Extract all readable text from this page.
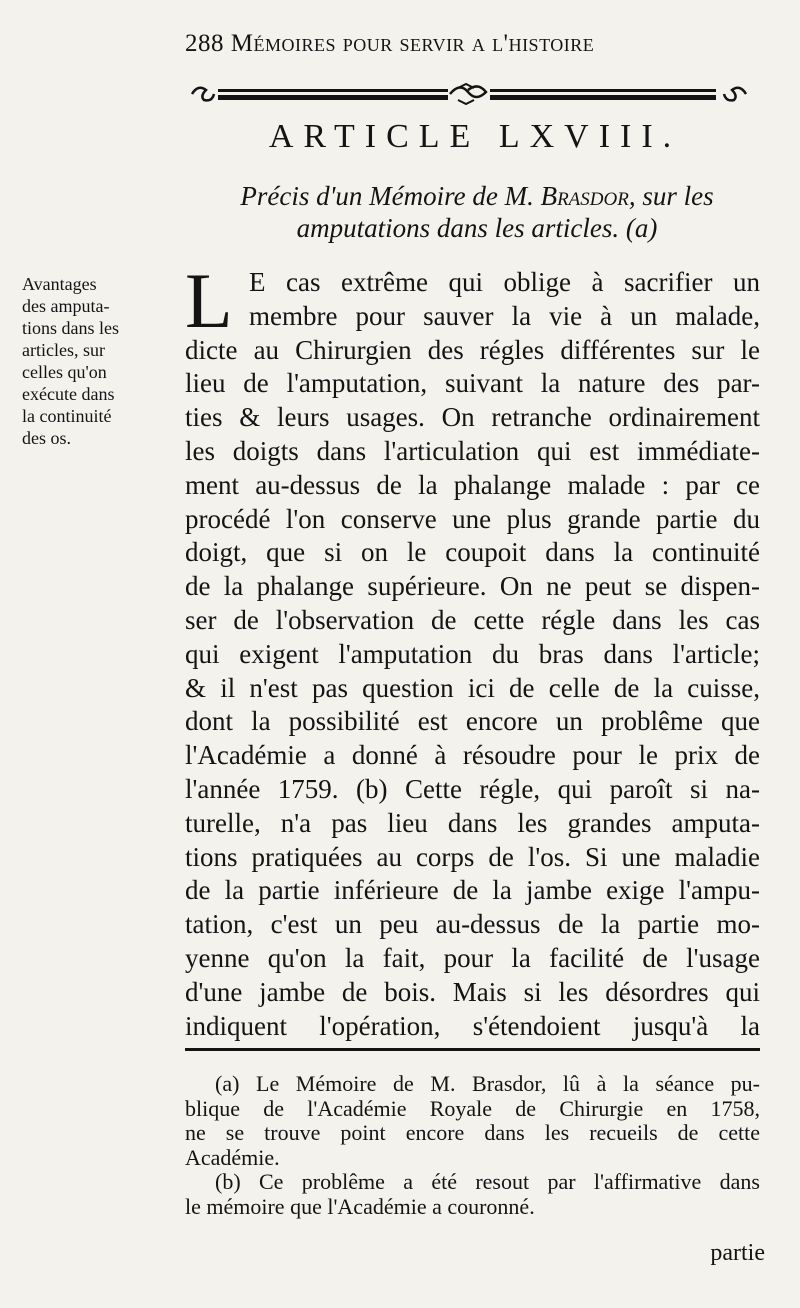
288 Mémoires pour servir a l'histoire
ARTICLE LXVIII.
Précis d'un Mémoire de M. Brasdor, sur les
amputations dans les articles. (a)
Avantages
des amputa-
tions dans les
articles, sur
celles qu'on
exécute dans
la continuité
des os.
L E cas extrême qui oblige à sacrifier un
membre pour sauver la vie à un malade,
dicte au Chirurgien des régles différentes sur le
lieu de l'amputation, suivant la nature des par-
ties & leurs usages. On retranche ordinairement
les doigts dans l'articulation qui est immédiate-
ment au-dessus de la phalange malade : par ce
procédé l'on conserve une plus grande partie du
doigt, que si on le coupoit dans la continuité
de la phalange supérieure. On ne peut se dispen-
ser de l'observation de cette régle dans les cas
qui exigent l'amputation du bras dans l'article;
& il n'est pas question ici de celle de la cuisse,
dont la possibilité est encore un problême que
l'Académie a donné à résoudre pour le prix de
l'année 1759. (b) Cette régle, qui paroît si na-
turelle, n'a pas lieu dans les grandes amputa-
tions pratiquées au corps de l'os. Si une maladie
de la partie inférieure de la jambe exige l'ampu-
tation, c'est un peu au-dessus de la partie mo-
yenne qu'on la fait, pour la facilité de l'usage
d'une jambe de bois. Mais si les désordres qui
indiquent l'opération, s'étendoient jusqu'à la
(a) Le Mémoire de M. Brasdor, lû à la séance pu-
blique de l'Académie Royale de Chirurgie en 1758,
ne se trouve point encore dans les recueils de cette
Académie.
(b) Ce problême a été resout par l'affirmative dans
le mémoire que l'Académie a couronné.
partie
